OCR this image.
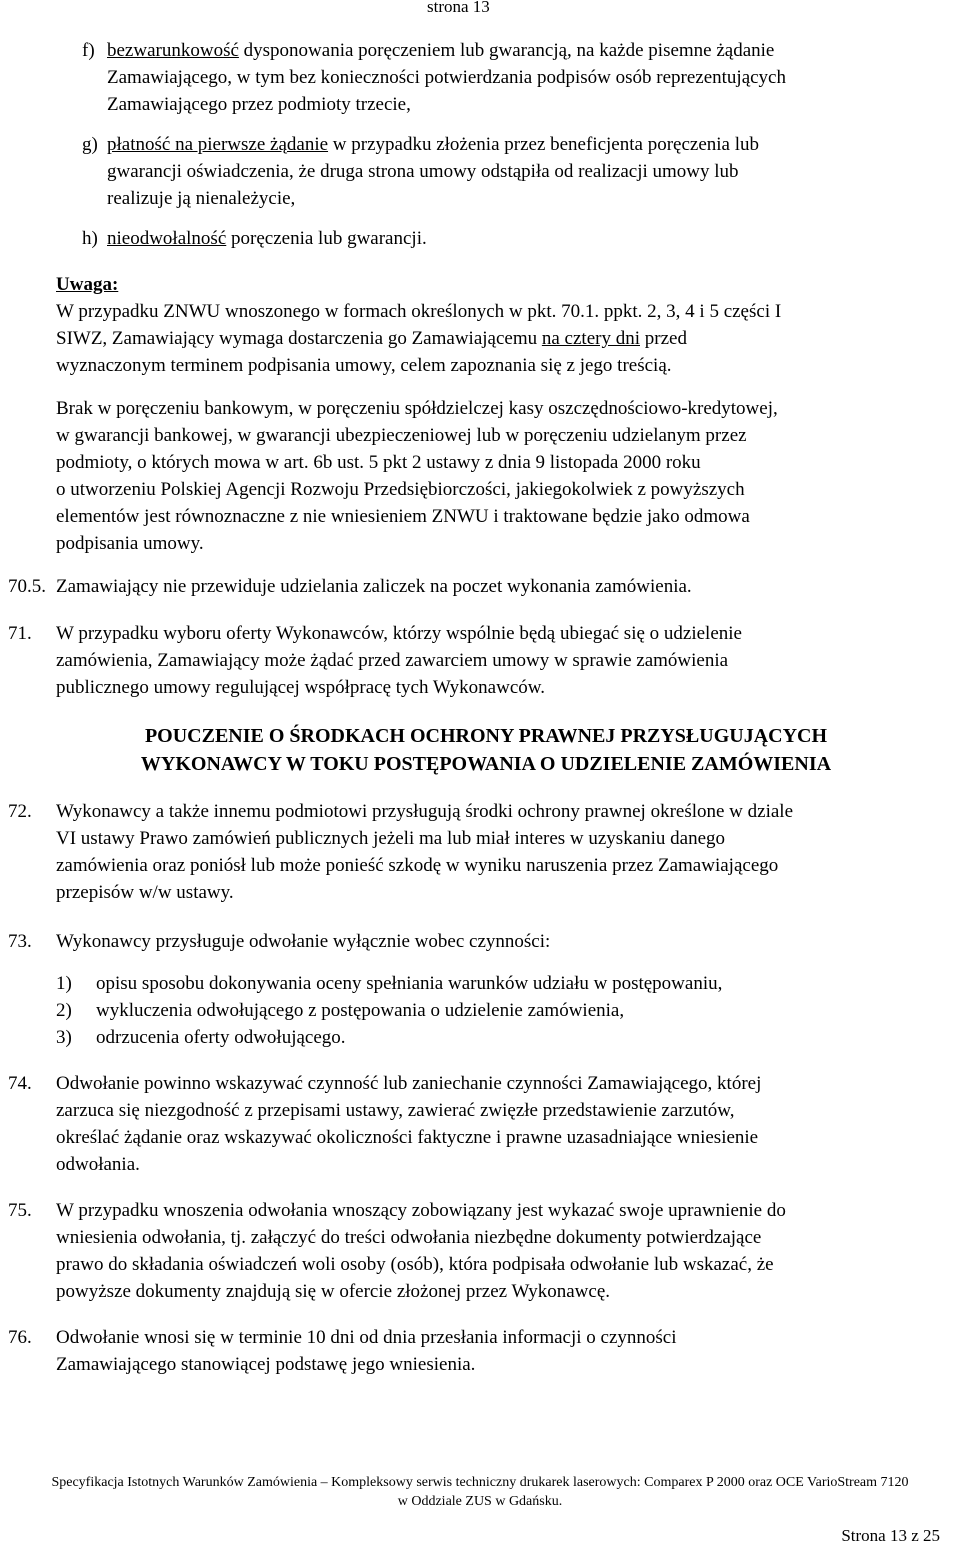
strona 13
f) bezwarunkowość dysponowania poręczeniem lub gwarancją, na każde pisemne żądanie
Zamawiającego, w tym bez konieczności potwierdzania podpisów osób reprezentujących
Zamawiającego przez podmioty trzecie,
g) płatność na pierwsze żądanie w przypadku złożenia przez beneficjenta poręczenia lub
gwarancji oświadczenia, że druga strona umowy odstąpiła od realizacji umowy lub
realizuje ją nienależycie,
h) nieodwołalność poręczenia lub gwarancji.
Uwaga:
W przypadku ZNWU wnoszonego w formach określonych w pkt. 70.1. ppkt. 2, 3, 4 i 5 części I
SIWZ, Zamawiający wymaga dostarczenia go Zamawiającemu na cztery dni przed
wyznaczonym terminem podpisania umowy, celem zapoznania się z jego treścią.
Brak w poręczeniu bankowym, w poręczeniu spółdzielczej kasy oszczędnościowo-kredytowej,
w gwarancji bankowej, w gwarancji ubezpieczeniowej lub w poręczeniu udzielanym przez
podmioty, o których mowa w art. 6b ust. 5 pkt 2 ustawy z dnia 9 listopada 2000 roku
o utworzeniu Polskiej Agencji Rozwoju Przedsiębiorczości, jakiegokolwiek z powyższych
elementów jest równoznaczne z nie wniesieniem ZNWU i traktowane będzie jako odmowa
podpisania umowy.
70.5. Zamawiający nie przewiduje udzielania zaliczek na poczet wykonania zamówienia.
71. W przypadku wyboru oferty Wykonawców, którzy wspólnie będą ubiegać się o udzielenie
zamówienia, Zamawiający może żądać przed zawarciem umowy w sprawie zamówienia
publicznego umowy regulującej współpracę tych Wykonawców.
POUCZENIE O ŚRODKACH OCHRONY PRAWNEJ PRZYSŁUGUJĄCYCH
WYKONAWCY W TOKU POSTĘPOWANIA O UDZIELENIE ZAMÓWIENIA
72. Wykonawcy a także innemu podmiotowi przysługują środki ochrony prawnej określone w dziale
VI ustawy Prawo zamówień publicznych jeżeli ma lub miał interes w uzyskaniu danego
zamówienia oraz poniósł lub może ponieść szkodę w wyniku naruszenia przez Zamawiającego
przepisów w/w ustawy.
73. Wykonawcy przysługuje odwołanie wyłącznie wobec czynności:
1) opisu sposobu dokonywania oceny spełniania warunków udziału w postępowaniu,
2) wykluczenia odwołującego z postępowania o udzielenie zamówienia,
3) odrzucenia oferty odwołującego.
74. Odwołanie powinno wskazywać czynność lub zaniechanie czynności Zamawiającego, której
zarzuca się niezgodność z przepisami ustawy, zawierać zwięzłe przedstawienie zarzutów,
określać żądanie oraz wskazywać okoliczności faktyczne i prawne uzasadniające wniesienie
odwołania.
75. W przypadku wnoszenia odwołania wnoszący zobowiązany jest wykazać swoje uprawnienie do
wniesienia odwołania, tj. załączyć do treści odwołania niezbędne dokumenty potwierdzające
prawo do składania oświadczeń woli osoby (osób), która podpisała odwołanie lub wskazać, że
powyższe dokumenty znajdują się w ofercie złożonej przez Wykonawcę.
76. Odwołanie wnosi się w terminie 10 dni od dnia przesłania informacji o czynności
Zamawiającego stanowiącej podstawę jego wniesienia.
Specyfikacja Istotnych Warunków Zamówienia – Kompleksowy serwis techniczny drukarek laserowych: Comparex P 2000 oraz OCE VarioStream 7120
w Oddziale ZUS w Gdańsku.
Strona 13 z 25
